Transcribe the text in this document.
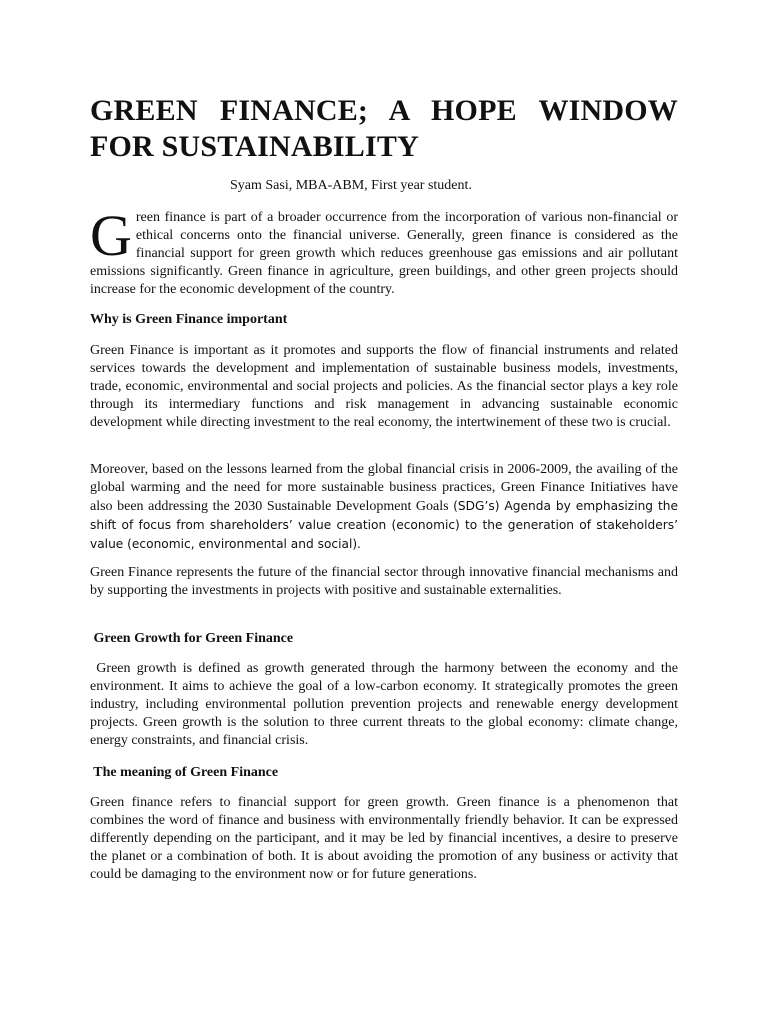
GREEN FINANCE; A HOPE WINDOW
FOR SUSTAINABILITY
Syam Sasi, MBA-ABM, First year student.

Green finance is part of a broader occurrence from the incorporation of various non-financial or ethical concerns onto the financial universe. Generally, green finance is considered as the financial support for green growth which reduces greenhouse gas emissions and air pollutant emissions significantly. Green finance in agriculture, green buildings, and other green projects should increase for the economic development of the country.

Why is Green Finance important

Green Finance is important as it promotes and supports the flow of financial instruments and related services towards the development and implementation of sustainable business models, investments, trade, economic, environmental and social projects and policies. As the financial sector plays a key role through its intermediary functions and risk management in advancing sustainable economic development while directing investment to the real economy, the intertwinement of these two is crucial.

Moreover, based on the lessons learned from the global financial crisis in 2006-2009, the availing of the global warming and the need for more sustainable business practices, Green Finance Initiatives have also been addressing the 2030 Sustainable Development Goals (SDG’s) Agenda by emphasizing the shift of focus from shareholders’ value creation (economic) to the generation of stakeholders’ value (economic, environmental and social).

Green Finance represents the future of the financial sector through innovative financial mechanisms and by supporting the investments in projects with positive and sustainable externalities.

Green Growth for Green Finance

Green growth is defined as growth generated through the harmony between the economy and the environment. It aims to achieve the goal of a low-carbon economy. It strategically promotes the green industry, including environmental pollution prevention projects and renewable energy development projects. Green growth is the solution to three current threats to the global economy: climate change,  energy constraints, and financial crisis.

The meaning of Green Finance

Green finance refers to financial support for green growth. Green finance is a phenomenon that combines the word of finance and business with environmentally friendly behavior. It can be expressed differently depending on the participant, and it may be led by financial incentives, a desire to preserve the planet or a combination of both. It is about avoiding the promotion of any business or activity that could be damaging to the environment now or for future generations.
